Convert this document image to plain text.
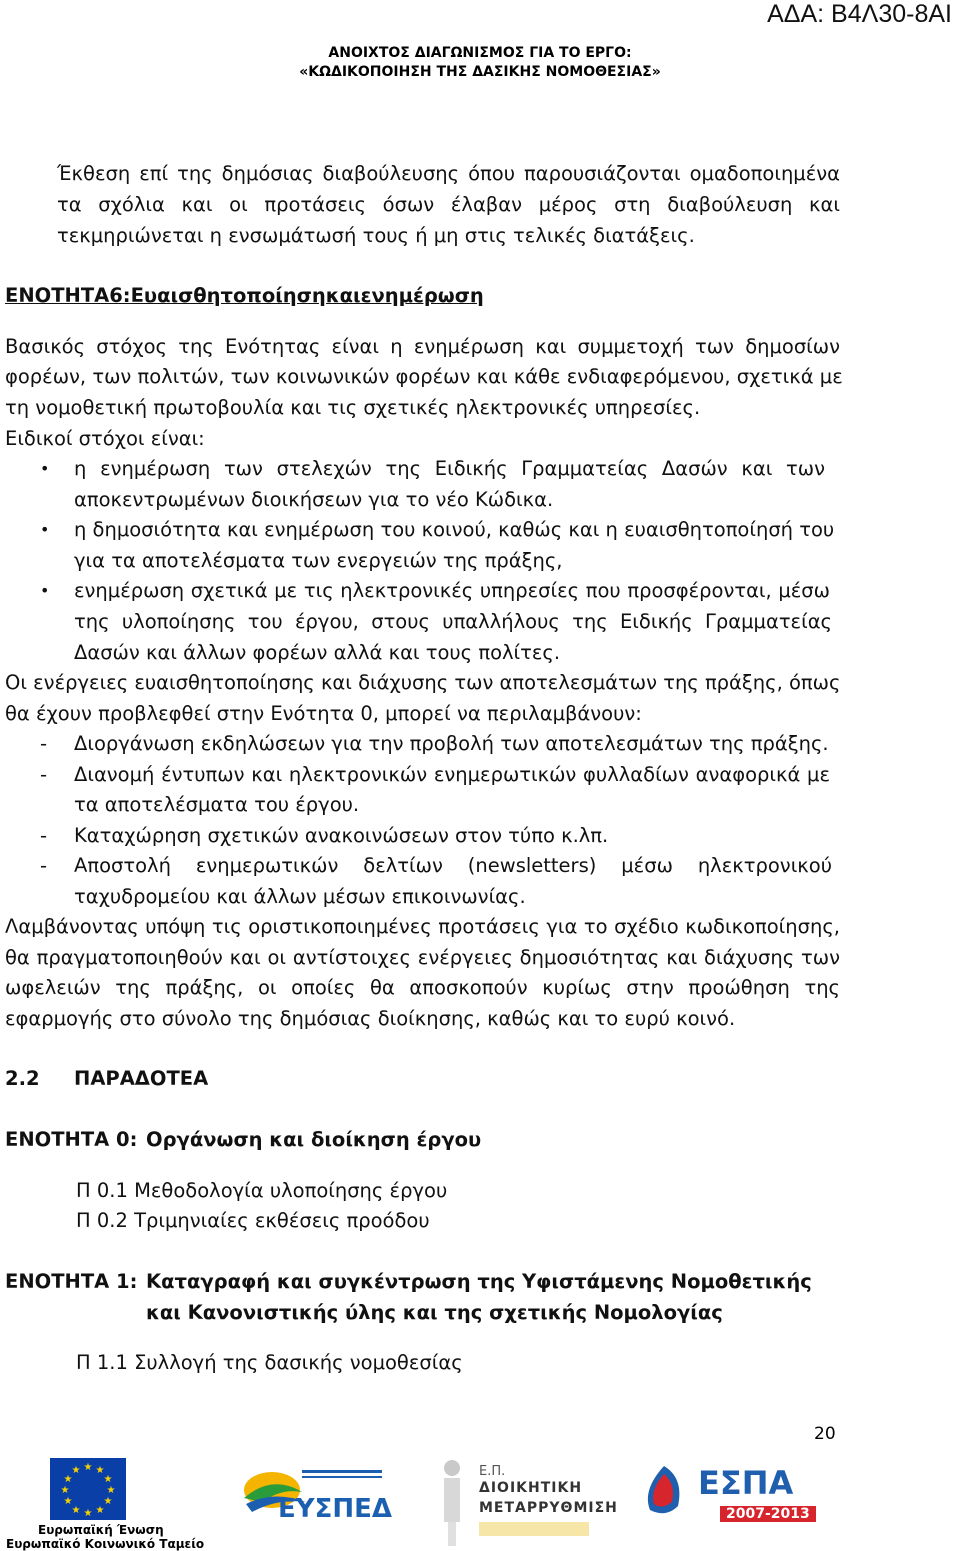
ΑΔΑ: Β4Λ30-8ΑΙ
ΑΝΟΙΧΤΟΣ ΔΙΑΓΩΝΙΣΜΟΣ ΓΙΑ ΤΟ ΕΡΓΟ:
«ΚΩΔΙΚΟΠΟΙΗΣΗ ΤΗΣ ΔΑΣΙΚΗΣ ΝΟΜΟΘΕΣΙΑΣ»
Έκθεση επί της δημόσιας διαβούλευσης όπου παρουσιάζονται ομαδοποιημένα
τα σχόλια και οι προτάσεις όσων έλαβαν μέρος στη διαβούλευση και
τεκμηριώνεται η ενσωμάτωσή τους ή μη στις τελικές διατάξεις.
ΕΝΟΤΗΤΑ6:Ευαισθητοποίησηκαιενημέρωση
Βασικός στόχος της Ενότητας είναι η ενημέρωση και συμμετοχή των δημοσίων
φορέων, των πολιτών, των κοινωνικών φορέων και κάθε ενδιαφερόμενου, σχετικά με
τη νομοθετική πρωτοβουλία και τις σχετικές ηλεκτρονικές υπηρεσίες.
Ειδικοί στόχοι είναι:
• η ενημέρωση των στελεχών της Ειδικής Γραμματείας Δασών και των
αποκεντρωμένων διοικήσεων για το νέο Κώδικα.
• η δημοσιότητα και ενημέρωση του κοινού, καθώς και η ευαισθητοποίησή του
για τα αποτελέσματα των ενεργειών της πράξης,
• ενημέρωση σχετικά με τις ηλεκτρονικές υπηρεσίες που προσφέρονται, μέσω
της υλοποίησης του έργου, στους υπαλλήλους της Ειδικής Γραμματείας
Δασών και άλλων φορέων αλλά και τους πολίτες.
Οι ενέργειες ευαισθητοποίησης και διάχυσης των αποτελεσμάτων της πράξης, όπως
θα έχουν προβλεφθεί στην Ενότητα 0, μπορεί να περιλαμβάνουν:
- Διοργάνωση εκδηλώσεων για την προβολή των αποτελεσμάτων της πράξης.
- Διανομή έντυπων και ηλεκτρονικών ενημερωτικών φυλλαδίων αναφορικά με
τα αποτελέσματα του έργου.
- Καταχώρηση σχετικών ανακοινώσεων στον τύπο κ.λπ.
- Αποστολή ενημερωτικών δελτίων (newsletters) μέσω ηλεκτρονικού
ταχυδρομείου και άλλων μέσων επικοινωνίας.
Λαμβάνοντας υπόψη τις οριστικοποιημένες προτάσεις για το σχέδιο κωδικοποίησης,
θα πραγματοποιηθούν και οι αντίστοιχες ενέργειες δημοσιότητας και διάχυσης των
ωφελειών της πράξης, οι οποίες θα αποσκοπούν κυρίως στην προώθηση της
εφαρμογής στο σύνολο της δημόσιας διοίκησης, καθώς και το ευρύ κοινό.
2.2 ΠΑΡΑΔΟΤΕΑ
ΕΝΟΤΗΤΑ 0: Οργάνωση και διοίκηση έργου
Π 0.1 Μεθοδολογία υλοποίησης έργου
Π 0.2 Τριμηνιαίες εκθέσεις προόδου
ΕΝΟΤΗΤΑ 1: Καταγραφή και συγκέντρωση της Υφιστάμενης Νομοθετικής
και Κανονιστικής ύλης και της σχετικής Νομολογίας
Π 1.1 Συλλογή της δασικής νομοθεσίας
20
★ ★
★
★
★
★
★
★
★
★
★
★
Ευρωπαϊκή Ένωση
Ευρωπαϊκό Κοινωνικό Ταμείο
ΕΥΣΠΕΔ
Ε.Π.
ΔΙΟΙΚΗΤΙΚΗ
ΜΕΤΑΡΡΥΘΜΙΣΗ
ΕΣΠΑ
2007-2013
